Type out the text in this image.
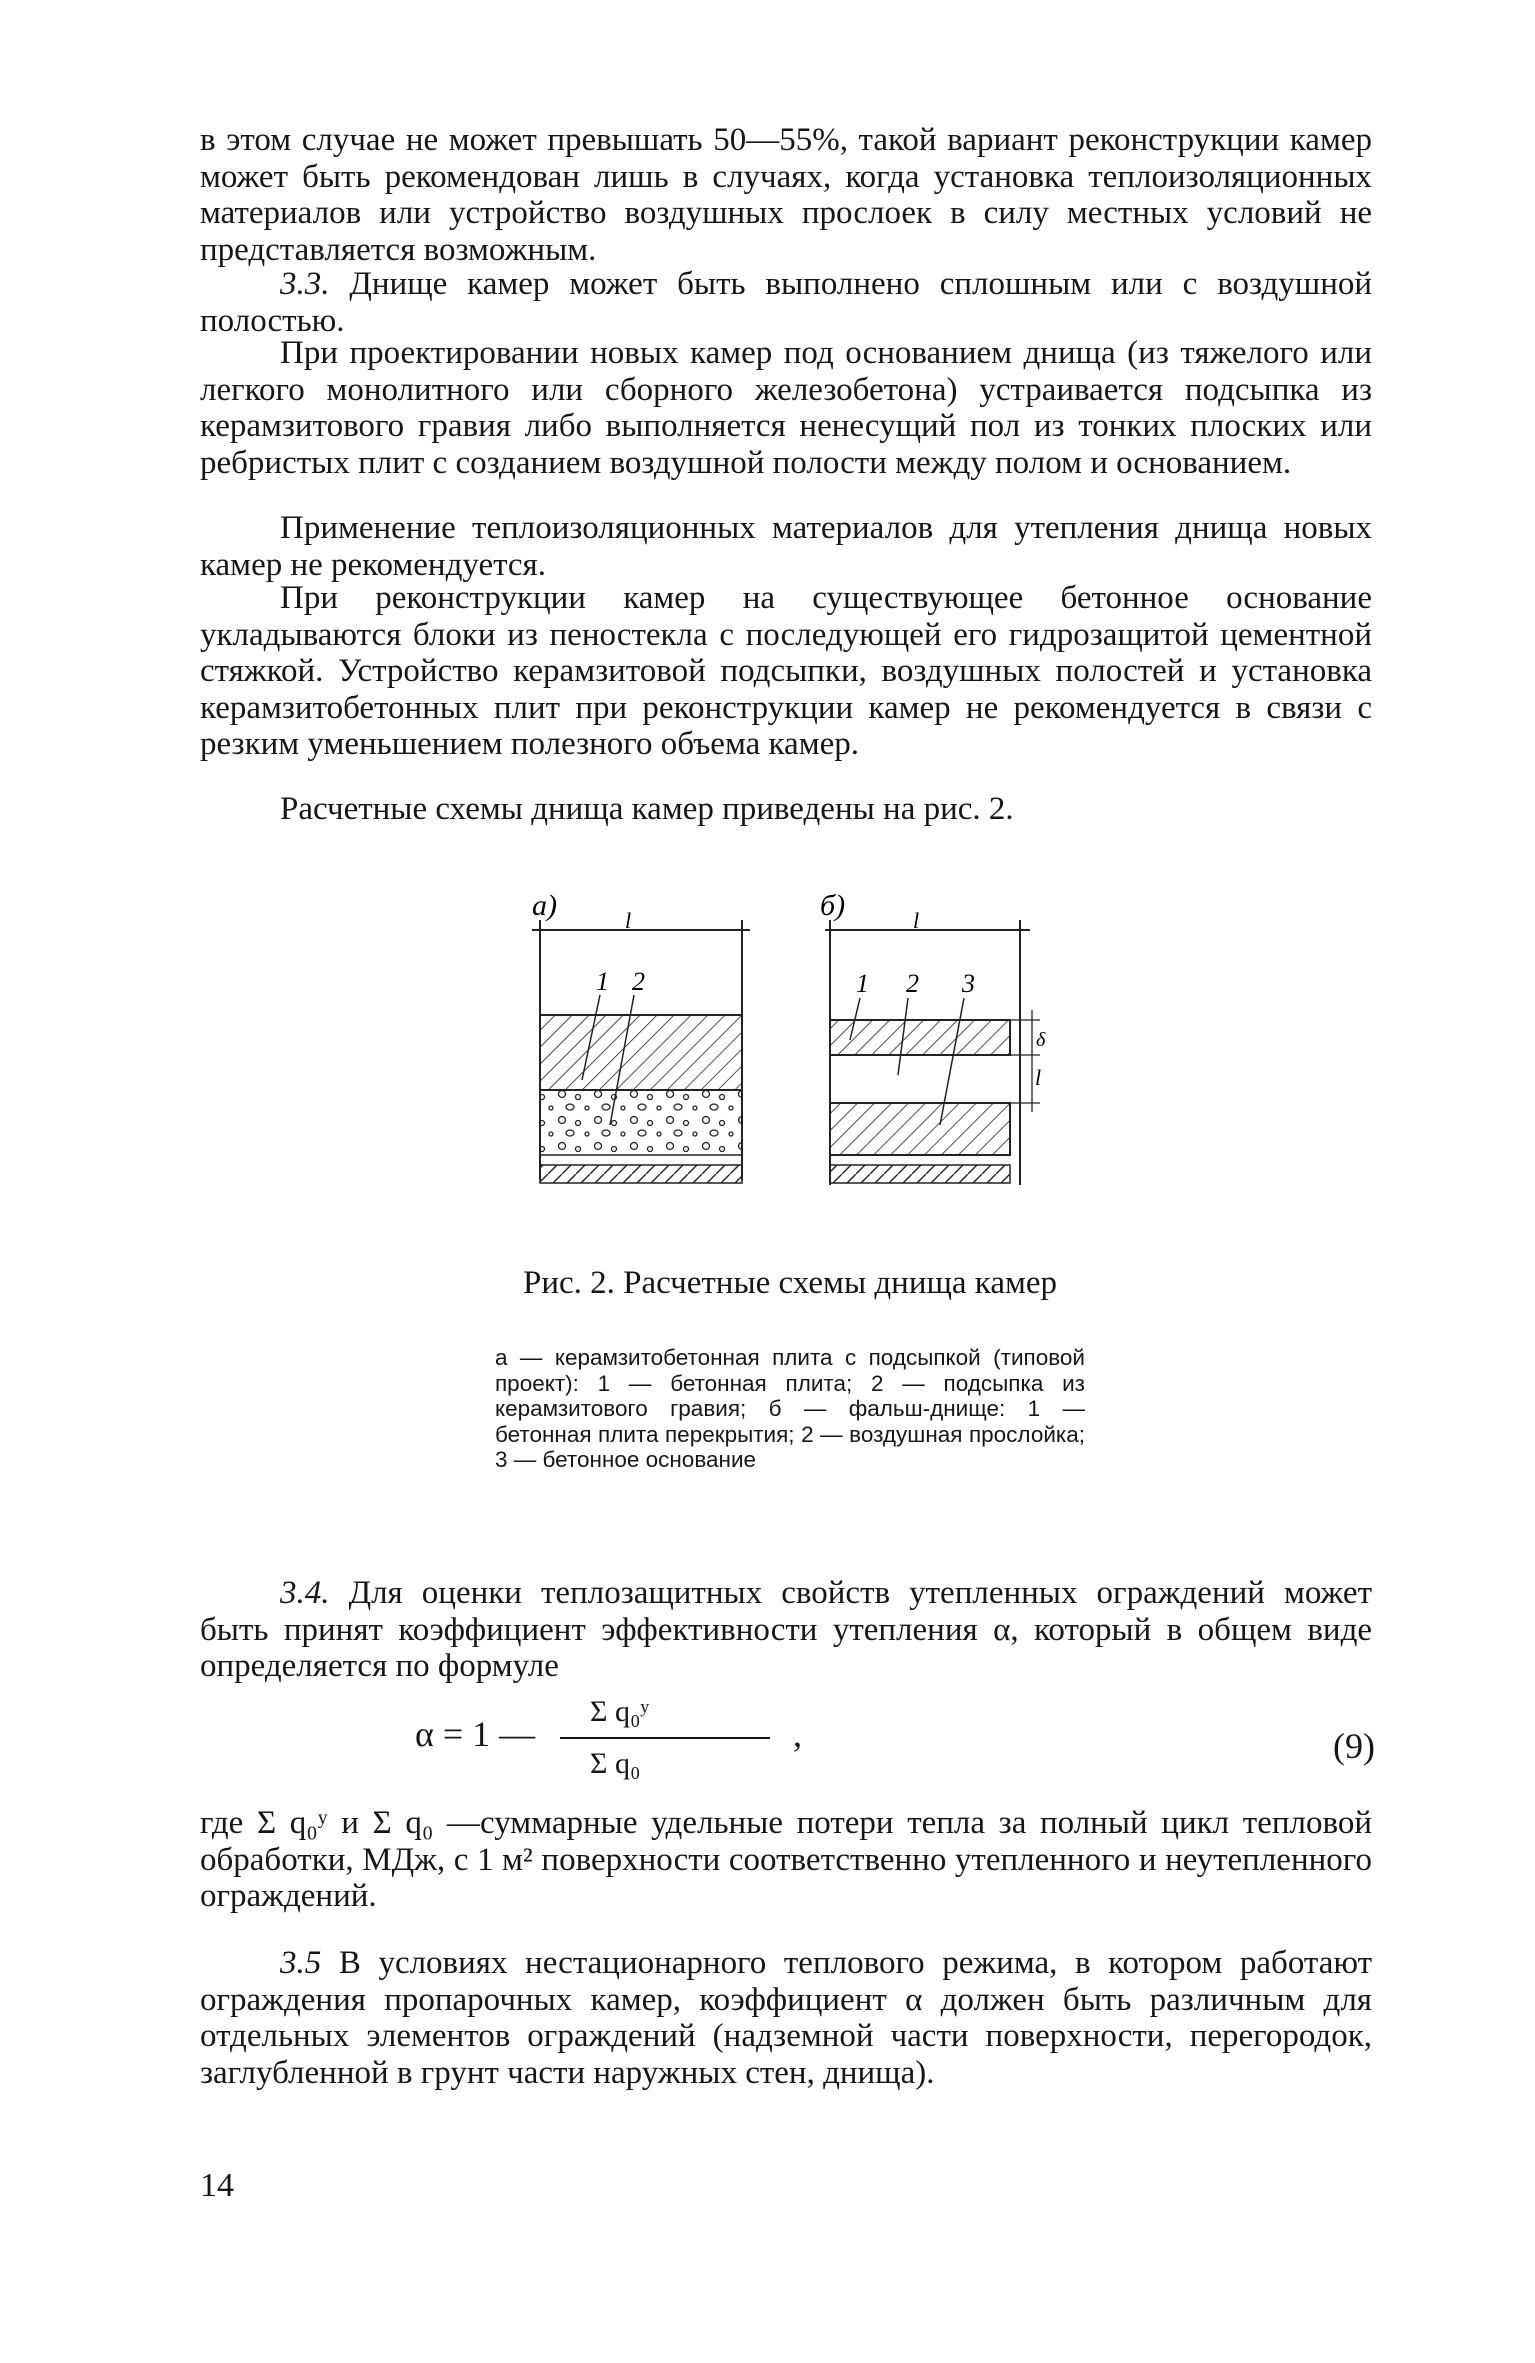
в этом случае не может превышать 50—55%, такой вариант реконструкции камер может быть рекомендован лишь в случаях, когда установка теплоизоляционных материалов или устройство воздушных прослоек в силу местных условий не представляется возможным.

3.3. Днище камер может быть выполнено сплошным или с воздушной полостью.

При проектировании новых камер под основанием днища (из тяжелого или легкого монолитного или сборного железобетона) устраивается подсыпка из керамзитового гравия либо выполняется ненесущий пол из тонких плоских или ребристых плит с созданием воздушной полости между полом и основанием.

Применение теплоизоляционных материалов для утепления днища новых камер не рекомендуется.

При реконструкции камер на существующее бетонное основание укладываются блоки из пеностекла с последующей его гидрозащитой цементной стяжкой. Устройство керамзитовой подсыпки, воздушных полостей и установка керамзитобетонных плит при реконструкции камер не рекомендуется в связи с резким уменьшением полезного объема камер.

Расчетные схемы днища камер приведены на рис. 2.

а)	l
1 2
б)	l
δ
l
1 2 3
Рис. 2. Расчетные схемы днища камер
а — керамзитобетонная плита с подсыпкой (типовой проект): 1 — бетонная плита; 2 — подсыпка из керамзитового гравия; б — фальш-днище: 1 — бетонная плита перекрытия; 2 — воздушная прослойка; 3 — бетонное основание

3.4. Для оценки теплозащитных свойств утепленных ограждений может быть принят коэффициент эффективности утепления α, который в общем виде определяется по формуле

α = 1 —
Σ q₀ʸ
Σ q₀
,	(9)

где Σ q₀ʸ и Σ q₀ —суммарные удельные потери тепла за полный цикл тепловой обработки, МДж, с 1 м² поверхности соответственно утепленного и неутепленного ограждений.

3.5 В условиях нестационарного теплового режима, в котором работают ограждения пропарочных камер, коэффициент α должен быть различным для отдельных элементов ограждений (надземной части поверхности, перегородок, заглубленной в грунт части наружных стен, днища).

14
